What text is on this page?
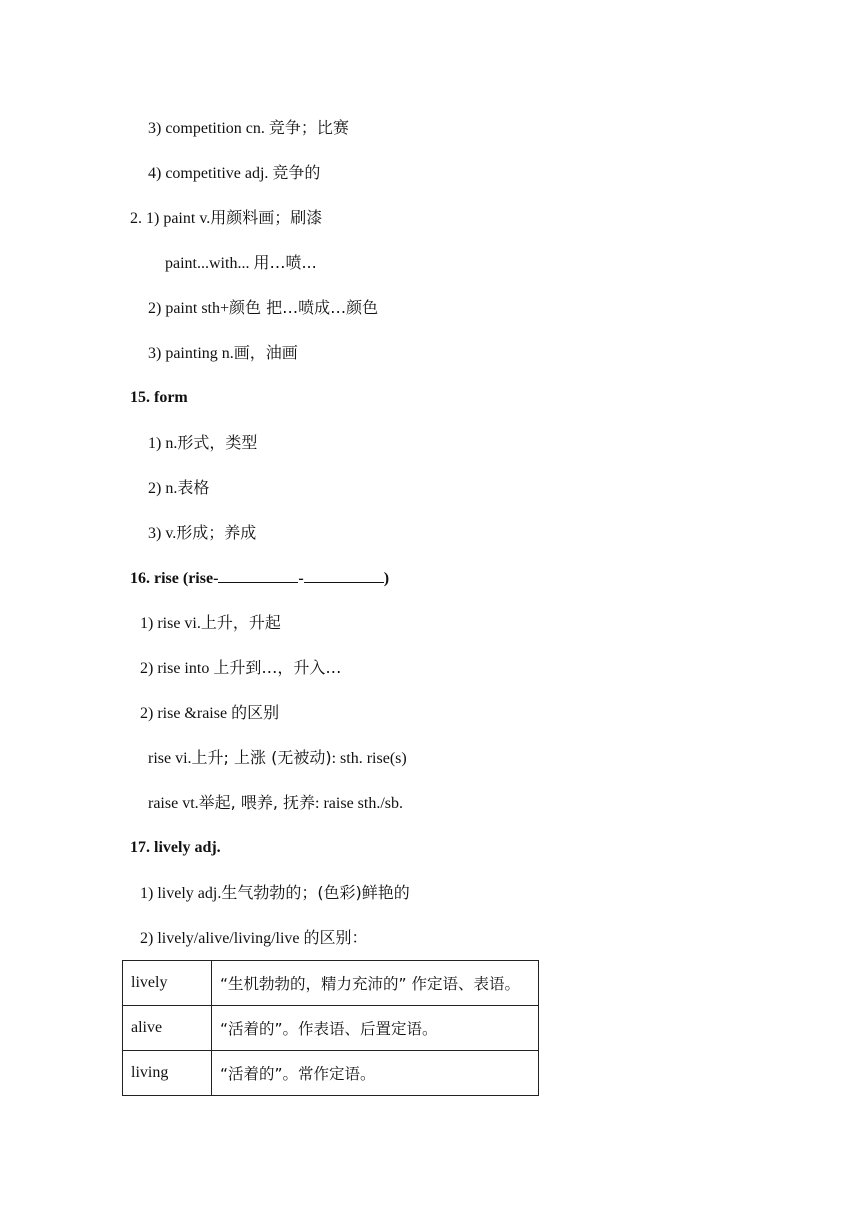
3) competition cn. 竞争；比赛
4) competitive adj. 竞争的
2. 1) paint v.用颜料画；刷漆
paint...with... 用…喷...
2) paint sth+颜色 把…喷成…颜色
3) painting n.画，油画
15. form
1) n.形式，类型
2) n.表格
3) v.形成；养成
16. rise (rise-	-	)
1) rise vi.上升，升起
2) rise into 上升到…，升入…
2) rise &raise 的区别
rise vi.上升; 上涨 (无被动): sth. rise(s)
raise vt.举起, 喂养, 抚养: raise sth./sb.
17. lively adj.
1) lively adj.生气勃勃的；(色彩)鲜艳的
2) lively/alive/living/live 的区别：
lively	“生机勃勃的，精力充沛的” 作定语、表语。
alive	“活着的”。作表语、后置定语。
living	“活着的”。常作定语。
